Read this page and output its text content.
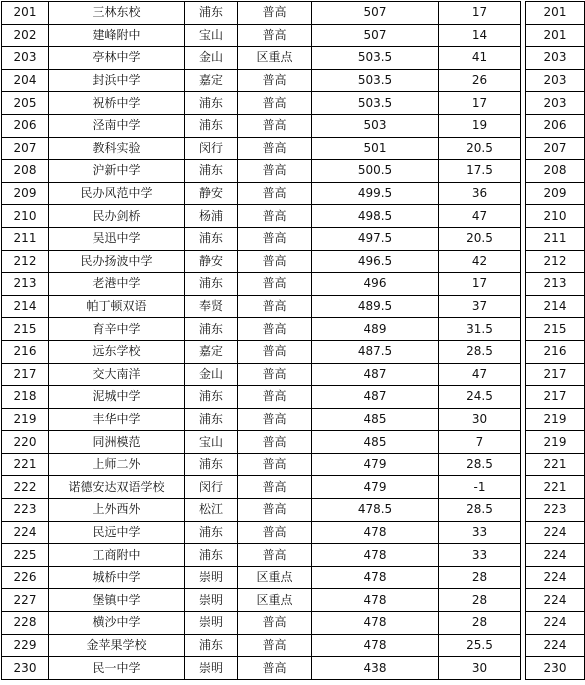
201	三林东校	浦东	普高	507	17		201
202	建峰附中	宝山	普高	507	14		201
203	亭林中学	金山	区重点	503.5	41		203
204	封浜中学	嘉定	普高	503.5	26		203
205	祝桥中学	浦东	普高	503.5	17		203
206	泾南中学	浦东	普高	503	19		206
207	教科实验	闵行	普高	501	20.5		207
208	沪新中学	浦东	普高	500.5	17.5		208
209	民办风范中学	静安	普高	499.5	36		209
210	民办剑桥	杨浦	普高	498.5	47		210
211	吴迅中学	浦东	普高	497.5	20.5		211
212	民办扬波中学	静安	普高	496.5	42		212
213	老港中学	浦东	普高	496	17		213
214	帕丁顿双语	奉贤	普高	489.5	37		214
215	育辛中学	浦东	普高	489	31.5		215
216	远东学校	嘉定	普高	487.5	28.5		216
217	交大南洋	金山	普高	487	47		217
218	泥城中学	浦东	普高	487	24.5		217
219	丰华中学	浦东	普高	485	30		219
220	同洲模范	宝山	普高	485	7		219
221	上师二外	浦东	普高	479	28.5		221
222	诺德安达双语学校	闵行	普高	479	-1		221
223	上外西外	松江	普高	478.5	28.5		223
224	民远中学	浦东	普高	478	33		224
225	工商附中	浦东	普高	478	33		224
226	城桥中学	崇明	区重点	478	28		224
227	堡镇中学	崇明	区重点	478	28		224
228	横沙中学	崇明	普高	478	28		224
229	金苹果学校	浦东	普高	478	25.5		224
230	民一中学	崇明	普高	438	30		230
